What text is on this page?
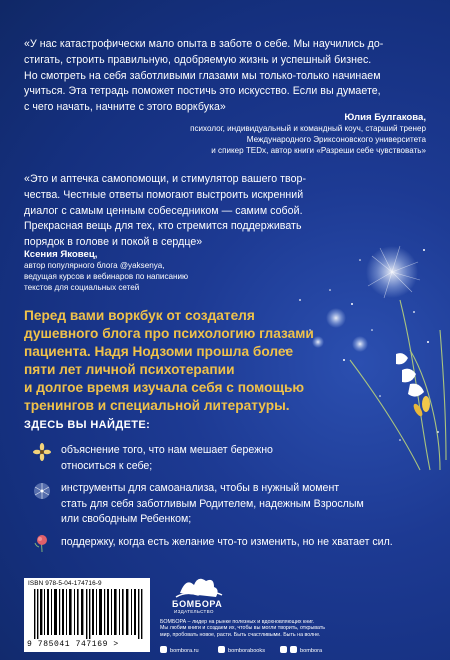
«У нас катастрофически мало опыта в заботе о себе. Мы научились до-
стигать, строить правильную, одобряемую жизнь и успешный бизнес.
Но смотреть на себя заботливыми глазами мы только-только начинаем
учиться. Эта тетрадь поможет постичь это искусство. Если вы думаете,
с чего начать, начните с этого воркбука»
Юлия Булгакова,
психолог, индивидуальный и командный коуч, старший тренер
Международного Эриксоновского университета
и спикер TEDx, автор книги «Разреши себе чувствовать»
«Это и аптечка самопомощи, и стимулятор вашего твор-
чества. Честные ответы помогают выстроить искренний
диалог с самым ценным собеседником — самим собой.
Прекрасная вещь для тех, кто стремится поддерживать
порядок в голове и покой в сердце»
Ксения Яковец,
автор популярного блога @yaksenya,
ведущая курсов и вебинаров по написанию
текстов для социальных сетей
Перед вами воркбук от создателя
душевного блога про психологию глазами
пациента. Надя Нодзоми прошла более
пяти лет личной психотерапии
и долгое время изучала себя с помощью
тренингов и специальной литературы.
ЗДЕСЬ ВЫ НАЙДЕТЕ:
объяснение того, что нам мешает бережно
относиться к себе;
инструменты для самоанализа, чтобы в нужный момент
стать для себя заботливым Родителем, надежным Взрослым
или свободным Ребенком;
поддержку, когда есть желание что-то изменить, но не хватает сил.
ISBN 978-5-04-174716-9
9 785041 747169 >
БОМБОРА
ИЗДАТЕЛЬСТВО
БОМБОРА – лидер на рынке полезных и вдохновляющих книг.
Мы любим книги и создаем их, чтобы вы могли творить, открывать
мир, пробовать новое, расти. Быть счастливыми. Быть на волне.
bombora.ru	bomborabooks	bombora
